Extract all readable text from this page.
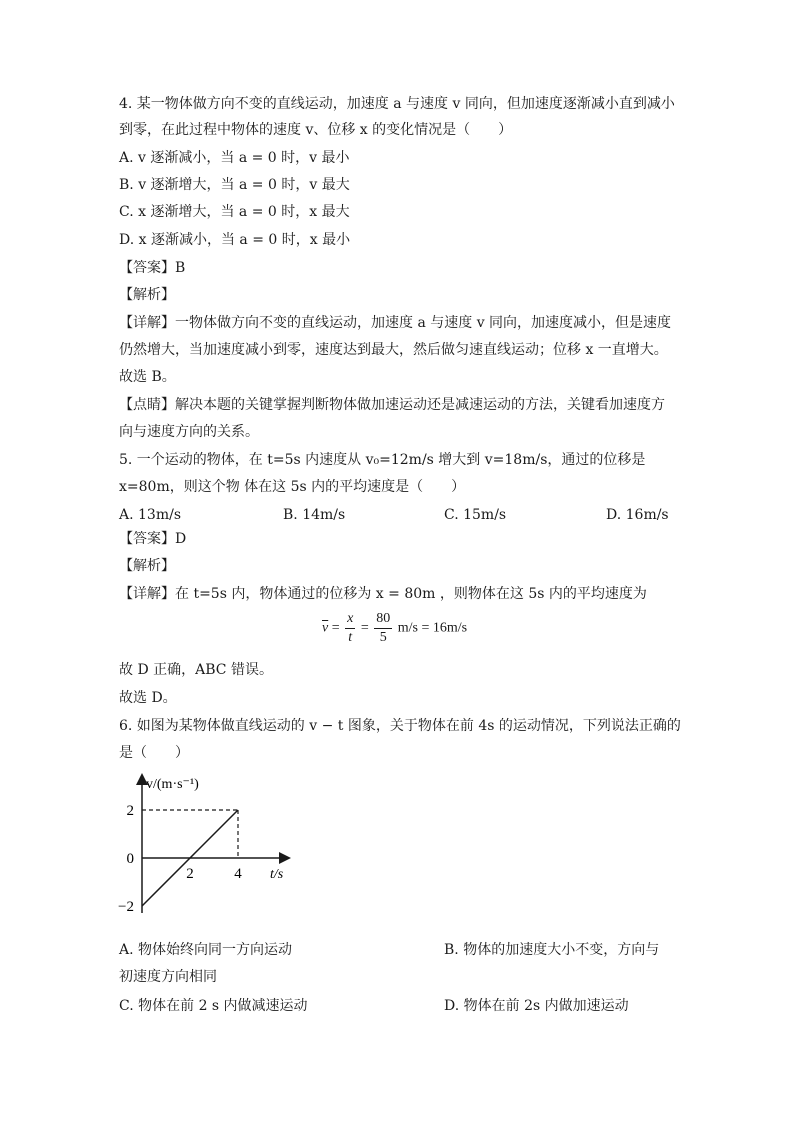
4. 某一物体做方向不变的直线运动，加速度 a 与速度 v 同向，但加速度逐渐减小直到减小
到零，在此过程中物体的速度 v、位移 x 的变化情况是（　　）
A. v 逐渐减小，当 a = 0 时，v 最小
B. v 逐渐增大，当 a = 0 时，v 最大
C. x 逐渐增大，当 a = 0 时，x 最大
D. x 逐渐减小，当 a = 0 时，x 最小
【答案】B
【解析】
【详解】一物体做方向不变的直线运动，加速度 a 与速度 v 同向，加速度减小，但是速度
仍然增大，当加速度减小到零，速度达到最大，然后做匀速直线运动；位移 x 一直增大。
故选 B。
【点睛】解决本题的关键掌握判断物体做加速运动还是减速运动的方法，关键看加速度方
向与速度方向的关系。
5. 一个运动的物体，在 t=5s 内速度从 v₀=12m/s 增大到 v=18m/s，通过的位移是
x=80m，则这个物 体在这 5s 内的平均速度是（　　）
A. 13m/s	B. 14m/s	C. 15m/s	D. 16m/s
【答案】D
【解析】
【详解】在 t=5s 内，物体通过的位移为 x = 80m ，则物体在这 5s 内的平均速度为
$\overline{v} = \frac{x}{t} = \frac{80}{5} m/s = 16m/s$
故 D 正确，ABC 错误。
故选 D。
6. 如图为某物体做直线运动的 v − t 图象，关于物体在前 4s 的运动情况，下列说法正确的
是（　　）
v/(m·s⁻¹)
t/s
2
0
−2
2	4
A. 物体始终向同一方向运动	B. 物体的加速度大小不变，方向与
初速度方向相同
C. 物体在前 2 s 内做减速运动	D. 物体在前 2s 内做加速运动
